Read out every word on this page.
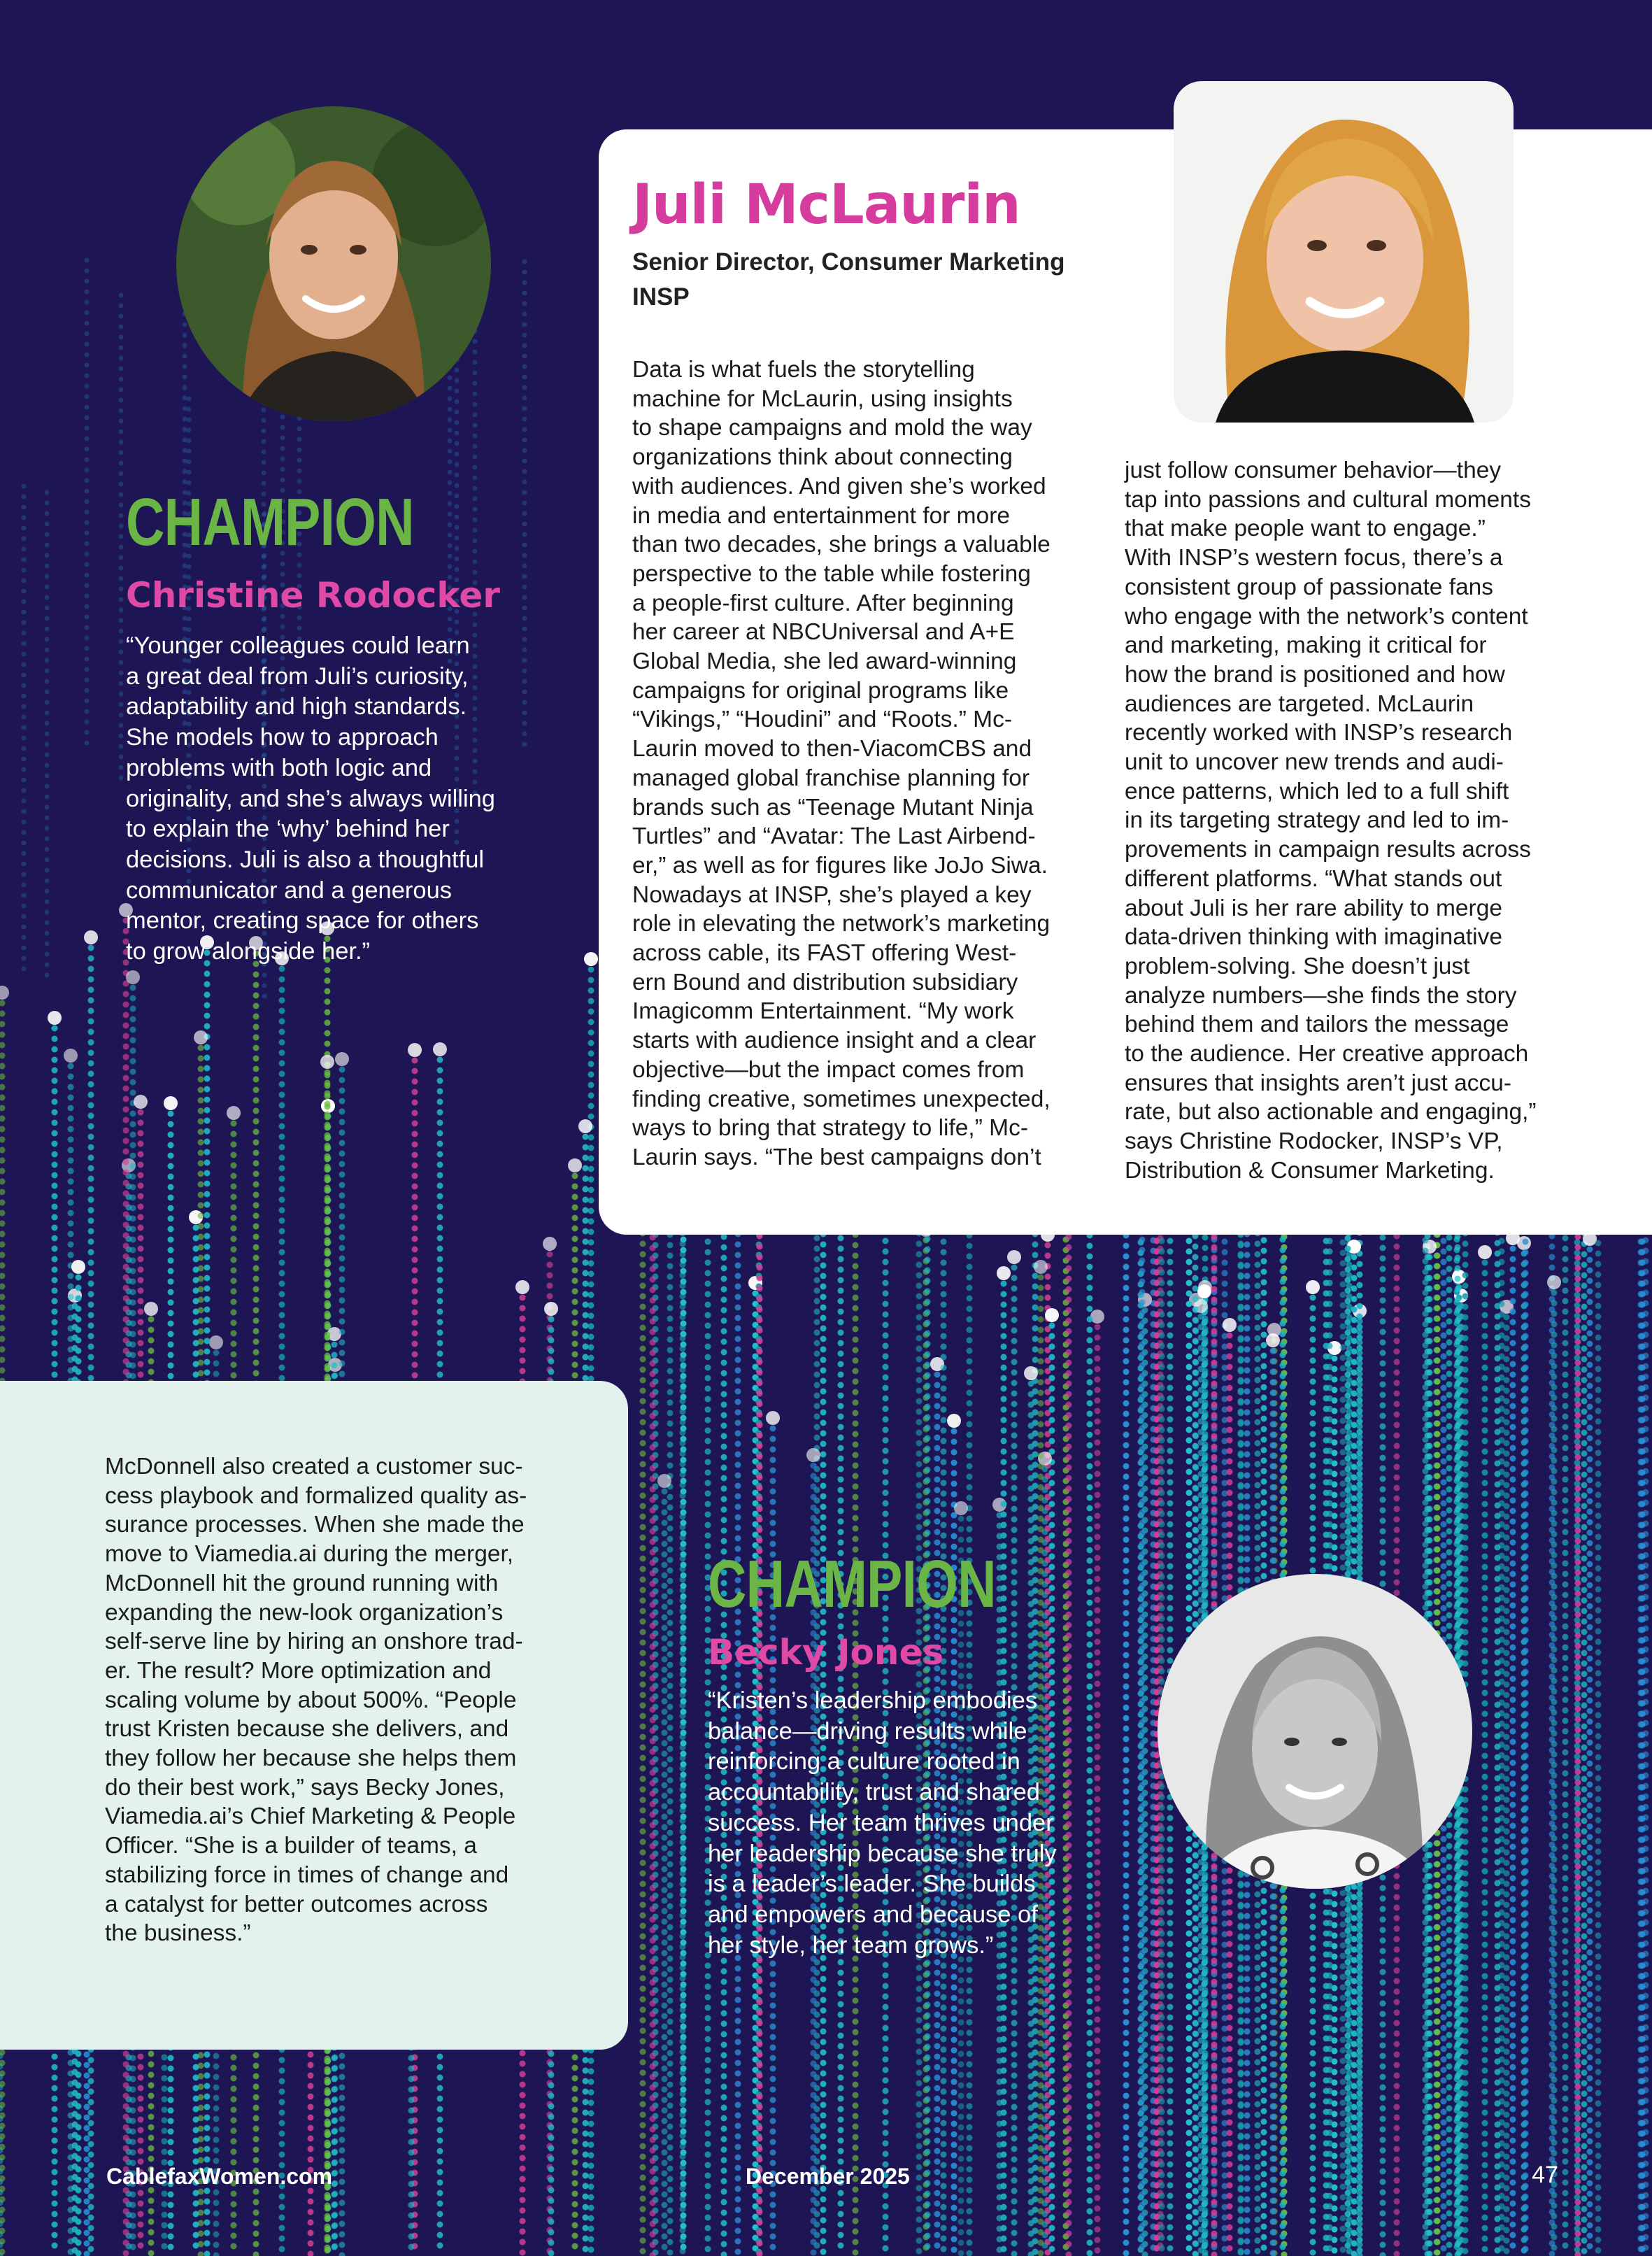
CHAMPION
Christine Rodocker
“Younger colleagues could learn
a great deal from Juli’s curiosity,
adaptability and high standards.
She models how to approach
problems with both logic and
originality, and she’s always willing
to explain the ‘why’ behind her
decisions. Juli is also a thoughtful
communicator and a generous
mentor, creating space for others
to grow alongside her.”
Juli McLaurin
Senior Director, Consumer Marketing
INSP
Data is what fuels the storytelling
machine for McLaurin, using insights
to shape campaigns and mold the way
organizations think about connecting
with audiences. And given she’s worked
in media and entertainment for more
than two decades, she brings a valuable
perspective to the table while fostering
a people-first culture. After beginning
her career at NBCUniversal and A+E
Global Media, she led award-winning
campaigns for original programs like
“Vikings,” “Houdini” and “Roots.” Mc-
Laurin moved to then-ViacomCBS and
managed global franchise planning for
brands such as “Teenage Mutant Ninja
Turtles” and “Avatar: The Last Airbend-
er,” as well as for figures like JoJo Siwa.
Nowadays at INSP, she’s played a key
role in elevating the network’s marketing
across cable, its FAST offering West-
ern Bound and distribution subsidiary
Imagicomm Entertainment. “My work
starts with audience insight and a clear
objective—but the impact comes from
finding creative, sometimes unexpected,
ways to bring that strategy to life,” Mc-
Laurin says. “The best campaigns don’t
just follow consumer behavior—they
tap into passions and cultural moments
that make people want to engage.”
With INSP’s western focus, there’s a
consistent group of passionate fans
who engage with the network’s content
and marketing, making it critical for
how the brand is positioned and how
audiences are targeted. McLaurin
recently worked with INSP’s research
unit to uncover new trends and audi-
ence patterns, which led to a full shift
in its targeting strategy and led to im-
provements in campaign results across
different platforms. “What stands out
about Juli is her rare ability to merge
data-driven thinking with imaginative
problem-solving. She doesn’t just
analyze numbers—she finds the story
behind them and tailors the message
to the audience. Her creative approach
ensures that insights aren’t just accu-
rate, but also actionable and engaging,”
says Christine Rodocker, INSP’s VP,
Distribution & Consumer Marketing.
McDonnell also created a customer suc-
cess playbook and formalized quality as-
surance processes. When she made the
move to Viamedia.ai during the merger,
McDonnell hit the ground running with
expanding the new-look organization’s
self-serve line by hiring an onshore trad-
er. The result? More optimization and
scaling volume by about 500%. “People
trust Kristen because she delivers, and
they follow her because she helps them
do their best work,” says Becky Jones,
Viamedia.ai’s Chief Marketing & People
Officer. “She is a builder of teams, a
stabilizing force in times of change and
a catalyst for better outcomes across
the business.”
CHAMPION
Becky Jones
“Kristen’s leadership embodies
balance—driving results while
reinforcing a culture rooted in
accountability, trust and shared
success. Her team thrives under
her leadership because she truly
is a leader’s leader. She builds
and empowers and because of
her style, her team grows.”
CablefaxWomen.com	December 2025	47
